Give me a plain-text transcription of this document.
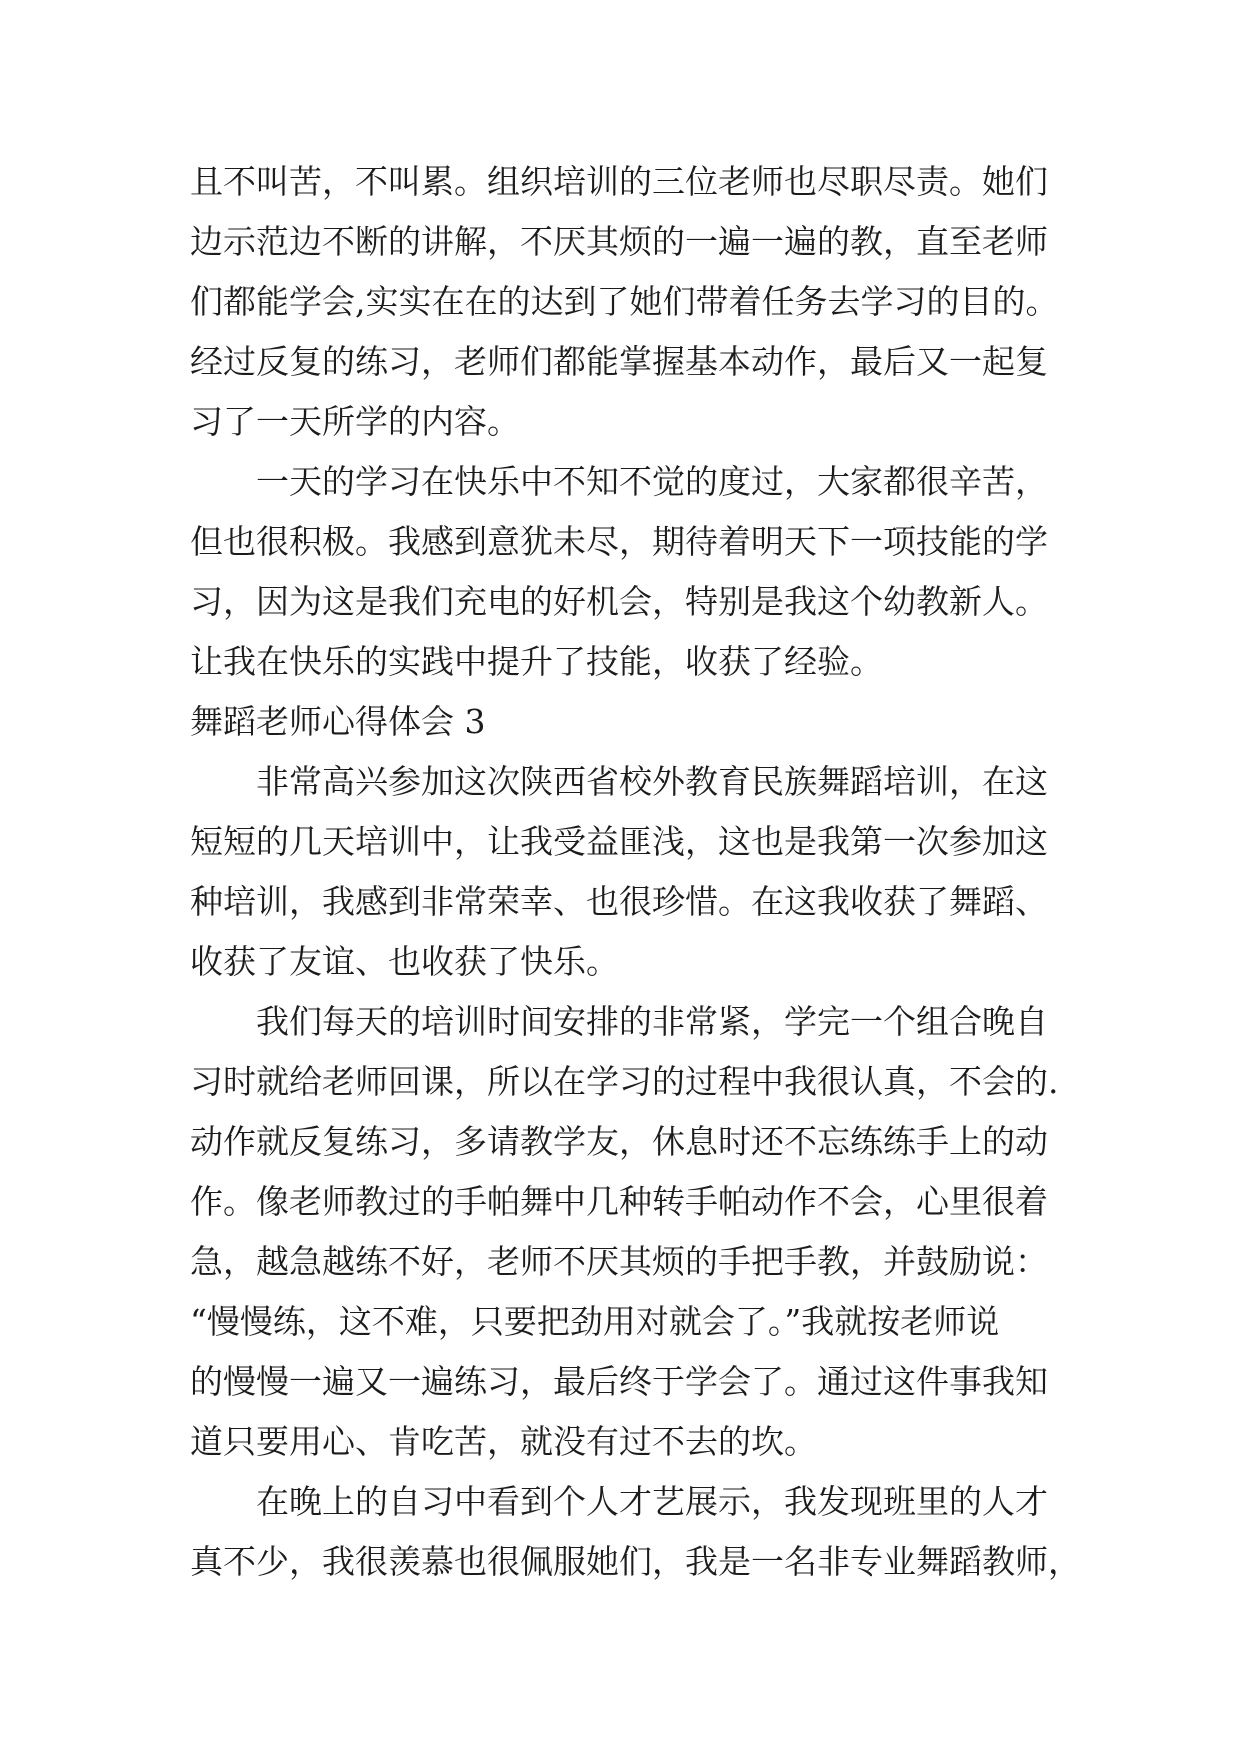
且不叫苦，不叫累。组织培训的三位老师也尽职尽责。她们
边示范边不断的讲解，不厌其烦的一遍一遍的教，直至老师
们都能学会,实实在在的达到了她们带着任务去学习的目的。
经过反复的练习，老师们都能掌握基本动作，最后又一起复
习了一天所学的内容。
一天的学习在快乐中不知不觉的度过，大家都很辛苦，
但也很积极。我感到意犹未尽，期待着明天下一项技能的学
习，因为这是我们充电的好机会，特别是我这个幼教新人。
让我在快乐的实践中提升了技能，收获了经验。
舞蹈老师心得体会 3
非常高兴参加这次陕西省校外教育民族舞蹈培训，在这
短短的几天培训中，让我受益匪浅，这也是我第一次参加这
种培训，我感到非常荣幸、也很珍惜。在这我收获了舞蹈、
收获了友谊、也收获了快乐。
我们每天的培训时间安排的非常紧，学完一个组合晚自
习时就给老师回课，所以在学习的过程中我很认真，不会的.
动作就反复练习，多请教学友，休息时还不忘练练手上的动
作。像老师教过的手帕舞中几种转手帕动作不会，心里很着
急，越急越练不好，老师不厌其烦的手把手教，并鼓励说：
“慢慢练，这不难，只要把劲用对就会了。”我就按老师说
的慢慢一遍又一遍练习，最后终于学会了。通过这件事我知
道只要用心、肯吃苦，就没有过不去的坎。
在晚上的自习中看到个人才艺展示，我发现班里的人才
真不少，我很羡慕也很佩服她们，我是一名非专业舞蹈教师，
